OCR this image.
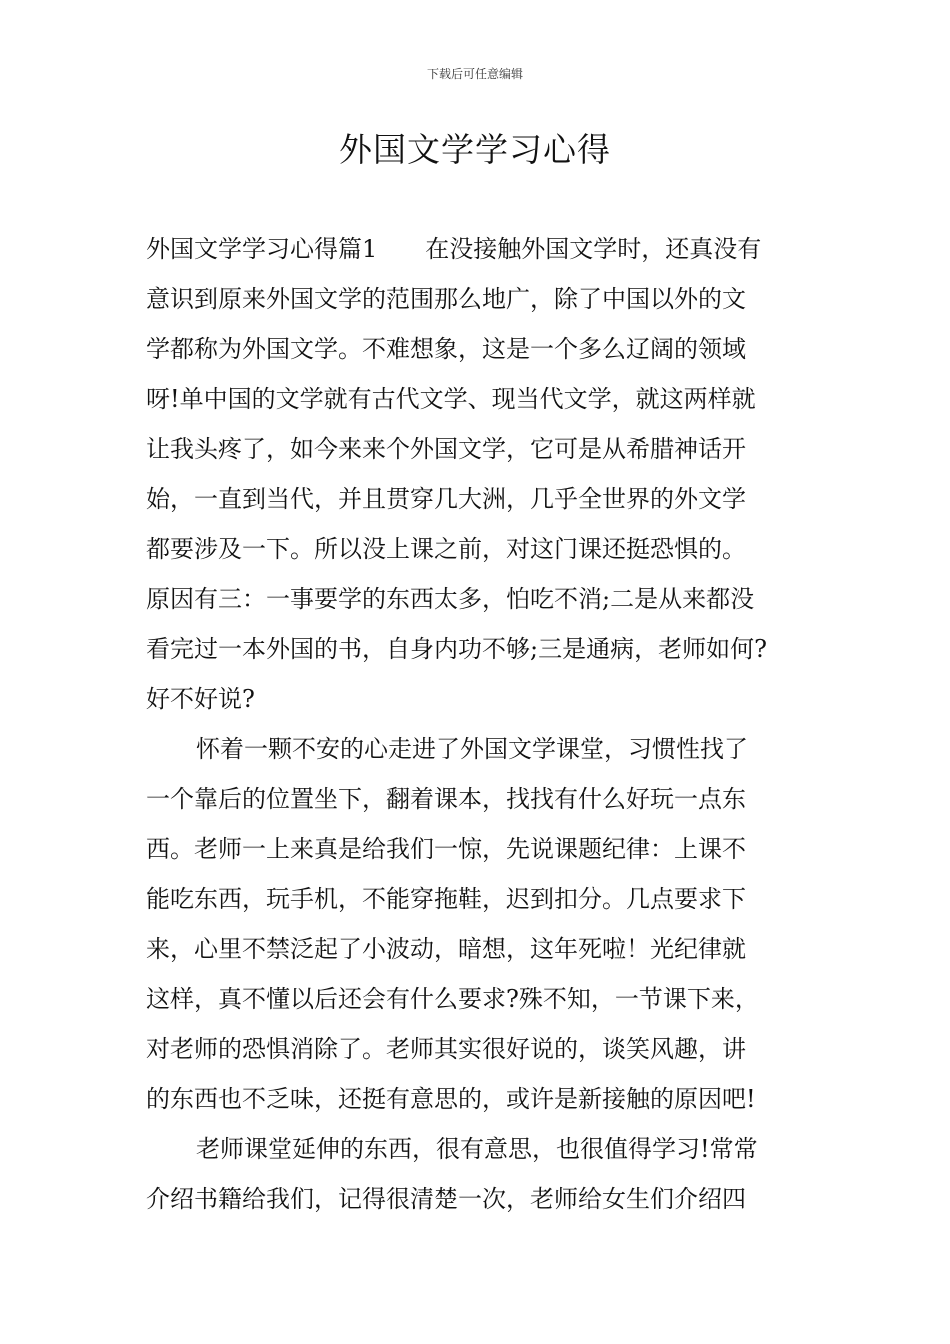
下载后可任意编辑
外国文学学习心得
外国文学学习心得篇1 在没接触外国文学时，还真没有
意识到原来外国文学的范围那么地广，除了中国以外的文
学都称为外国文学。不难想象，这是一个多么辽阔的领域
呀!单中国的文学就有古代文学、现当代文学，就这两样就
让我头疼了，如今来来个外国文学，它可是从希腊神话开
始，一直到当代，并且贯穿几大洲，几乎全世界的外文学
都要涉及一下。所以没上课之前，对这门课还挺恐惧的。
原因有三：一事要学的东西太多，怕吃不消;二是从来都没
看完过一本外国的书，自身内功不够;三是通病，老师如何?
好不好说?
怀着一颗不安的心走进了外国文学课堂，习惯性找了
一个靠后的位置坐下，翻着课本，找找有什么好玩一点东
西。老师一上来真是给我们一惊，先说课题纪律：上课不
能吃东西，玩手机，不能穿拖鞋，迟到扣分。几点要求下
来，心里不禁泛起了小波动，暗想，这年死啦！光纪律就
这样，真不懂以后还会有什么要求?殊不知，一节课下来，
对老师的恐惧消除了。老师其实很好说的，谈笑风趣，讲
的东西也不乏味，还挺有意思的，或许是新接触的原因吧!
老师课堂延伸的东西，很有意思，也很值得学习!常常
介绍书籍给我们，记得很清楚一次，老师给女生们介绍四
